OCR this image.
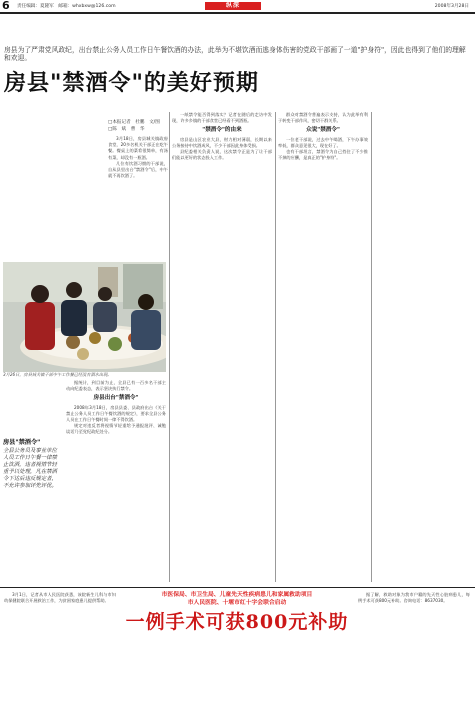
6 责任编辑：夏隆军　邮箱：whxbxw@126.com	纵深	2008年3月28日
房县为了严肃党风政纪，出台禁止公务人员工作日午餐饮酒的办法，此举为不堪饮酒而逃身体伤害的党政干部画了一道"护身符"，因此也得到了他们的理解和欢迎。
房县"禁酒令"的美好预期
□本报记者　杜鹏　文/图
□陈　斌　曹　华
3月26日，房县城关镇干部中午工作餐已经没有酒水出现。
房县"禁酒令"
全县公务员及事业单位人员工作日午餐一律禁止饮酒，违者视情节轻重予以处理，凡在禁酒令下达后违反规定者，不允许参加评先评优。

3月18日，房县城关镇政府食堂，20多名机关干部正在吃午餐。餐桌上的菜肴很简单，有汤有菜，却没有一瓶酒。

几位有饮酒习惯的干部说，自从县里出台"禁酒令"后，中午就不再饮酒了。

据统计，到目前为止，全县已有一百多名干部主动向纪委表态，表示坚决执行禁令。

房县出台"禁酒令"

2008年3月18日，房县县委、县政府出台《关于禁止公务人员工作日午餐饮酒的规定》，要求全县公务人员在工作日午餐时间一律不得饮酒。

规定对违反者将视情节轻重给予通报批评、诫勉谈话乃至党纪政纪处分。

一纸禁令能否得到落实？记者在随后的走访中发现，许多乡镇的干部食堂已经看不到酒瓶。

"禁酒令"的由来

房县是山区农业大县，财力相对薄弱，长期以来公务接待中饮酒成风，不少干部因此身体受损。

县纪委相关负责人说，这次禁令正是为了让干部们能以更好的状态投入工作。

群众对禁酒令普遍表示支持，认为此举有利于转变干部作风，密切干群关系。

众说"禁酒令"

一位老干部说，过去中午喝酒，下午办事效率低，群众意见很大，现在好了。

也有干部坦言，禁酒令为自己挡住了不少推不掉的应酬，是真正的"护身符"。

3月1日，记者从市人民医院获悉，该院新生儿科与市妇幼保健院联合开展救治工作，为贫困家庭患儿提供帮助。

市医保局、市卫生局、儿童先天性疾病患儿和家属救助项目
市人民医院、十堰市红十字会联合启动
一例手术可获800元补助

据了解，救助对象为我市户籍的先天性心脏病患儿，每例手术可获800元补助。咨询电话：8637030。
